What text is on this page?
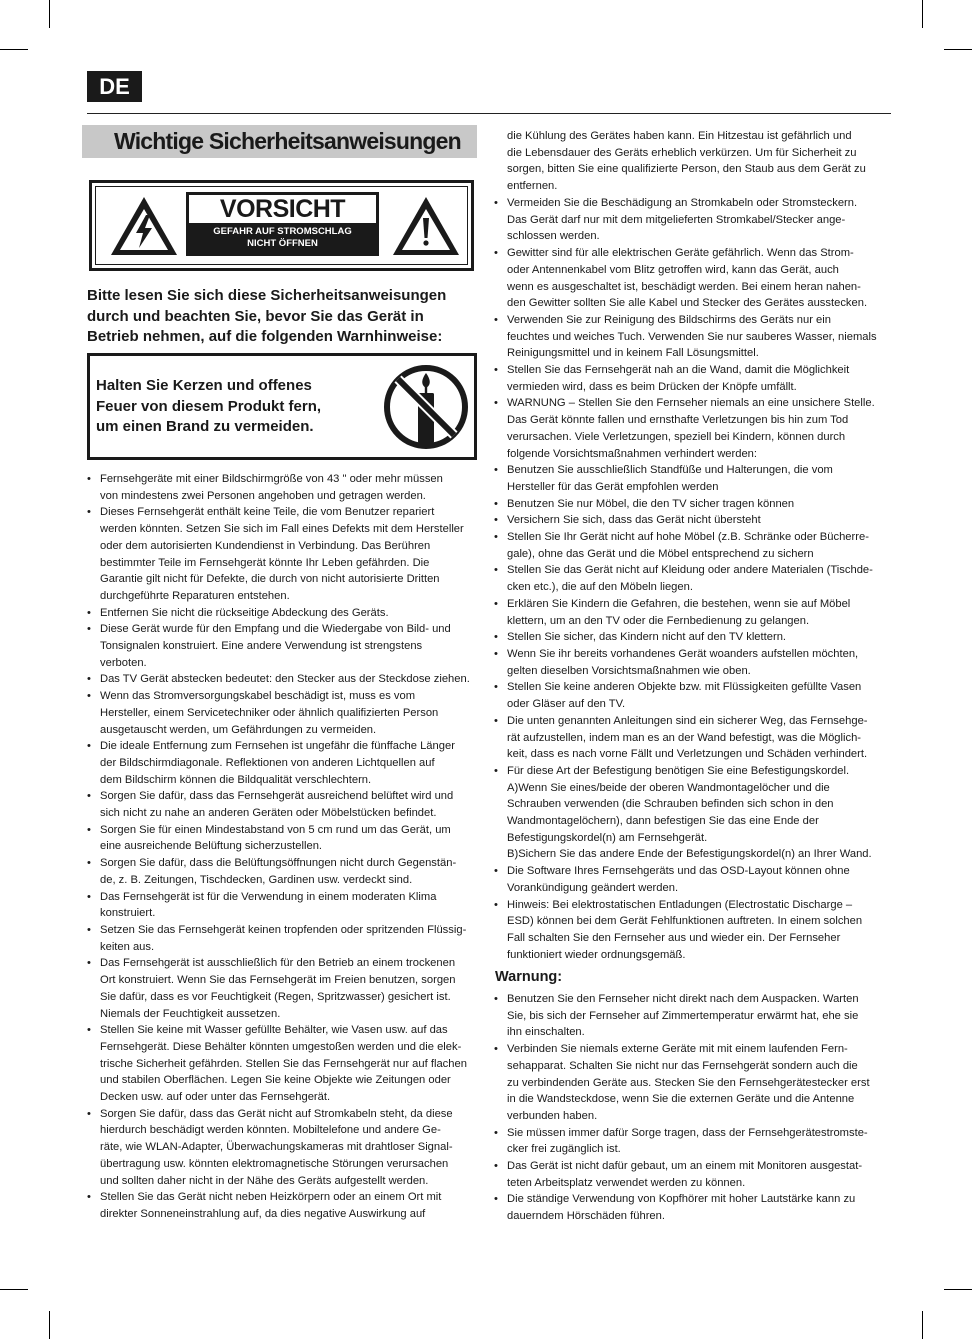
DE
Wichtige Sicherheitsanweisungen
VORSICHT
GEFAHR AUF STROMSCHLAG
NICHT ÖFFNEN

Bitte lesen Sie sich diese Sicherheitsanweisungen

durch und beachten Sie, bevor Sie das Gerät in

Betrieb nehmen, auf die folgenden Warnhinweise:

Halten Sie Kerzen und offenes

Feuer von diesem Produkt fern,

um einen Brand zu vermeiden.

• Fernsehgeräte mit einer Bildschirmgröße von 43 " oder mehr müssen

von mindestens zwei Personen angehoben und getragen werden.

• Dieses Fernsehgerät enthält keine Teile, die vom Benutzer repariert

werden könnten. Setzen Sie sich im Fall eines Defekts mit dem Hersteller

oder dem autorisierten Kundendienst in Verbindung. Das Berühren

bestimmter Teile im Fernsehgerät könnte Ihr Leben gefährden. Die

Garantie gilt nicht für Defekte, die durch von nicht autorisierte Dritten

durchgeführte Reparaturen entstehen.

• Entfernen Sie nicht die rückseitige Abdeckung des Geräts.

• Diese Gerät wurde für den Empfang und die Wiedergabe von Bild- und

Tonsignalen konstruiert. Eine andere Verwendung ist strengstens

verboten.

• Das TV Gerät abstecken bedeutet: den Stecker aus der Steckdose ziehen.

• Wenn das Stromversorgungskabel beschädigt ist, muss es vom

Hersteller, einem Servicetechniker oder ähnlich qualifizierten Person

ausgetauscht werden, um Gefährdungen zu vermeiden.

• Die ideale Entfernung zum Fernsehen ist ungefähr die fünffache Länger

der Bildschirmdiagonale. Reflektionen von anderen Lichtquellen auf

dem Bildschirm können die Bildqualität verschlechtern.

• Sorgen Sie dafür, dass das Fernsehgerät ausreichend belüftet wird und

sich nicht zu nahe an anderen Geräten oder Möbelstücken befindet.

• Sorgen Sie für einen Mindestabstand von 5 cm rund um das Gerät, um

eine ausreichende Belüftung sicherzustellen.

• Sorgen Sie dafür, dass die Belüftungsöffnungen nicht durch Gegenstän-

de, z. B. Zeitungen, Tischdecken, Gardinen usw. verdeckt sind.

• Das Fernsehgerät ist für die Verwendung in einem moderaten Klima

konstruiert.

• Setzen Sie das Fernsehgerät keinen tropfenden oder spritzenden Flüssig-

keiten aus.

• Das Fernsehgerät ist ausschließlich für den Betrieb an einem trockenen

Ort konstruiert. Wenn Sie das Fernsehgerät im Freien benutzen, sorgen

Sie dafür, dass es vor Feuchtigkeit (Regen, Spritzwasser) gesichert ist.

Niemals der Feuchtigkeit aussetzen.

• Stellen Sie keine mit Wasser gefüllte Behälter, wie Vasen usw. auf das

Fernsehgerät. Diese Behälter könnten umgestoßen werden und die elek-

trische Sicherheit gefährden. Stellen Sie das Fernsehgerät nur auf flachen

und stabilen Oberflächen. Legen Sie keine Objekte wie Zeitungen oder

Decken usw. auf oder unter das Fernsehgerät.

• Sorgen Sie dafür, dass das Gerät nicht auf Stromkabeln steht, da diese

hierdurch beschädigt werden könnten. Mobiltelefone und andere Ge-

räte, wie WLAN-Adapter, Überwachungskameras mit drahtloser Signal-

übertragung usw. könnten elektromagnetische Störungen verursachen

und sollten daher nicht in der Nähe des Geräts aufgestellt werden.

• Stellen Sie das Gerät nicht neben Heizkörpern oder an einem Ort mit

direkter Sonneneinstrahlung auf, da dies negative Auswirkung auf

die Kühlung des Gerätes haben kann. Ein Hitzestau ist gefährlich und
die Lebensdauer des Geräts erheblich verkürzen. Um für Sicherheit zu
sorgen, bitten Sie eine qualifizierte Person, den Staub aus dem Gerät zu
entfernen.

• Vermeiden Sie die Beschädigung an Stromkabeln oder Stromsteckern.

Das Gerät darf nur mit dem mitgelieferten Stromkabel/Stecker ange-

schlossen werden.

• Gewitter sind für alle elektrischen Geräte gefährlich. Wenn das Strom-

oder Antennenkabel vom Blitz getroffen wird, kann das Gerät, auch

wenn es ausgeschaltet ist, beschädigt werden. Bei einem heran nahen-

den Gewitter sollten Sie alle Kabel und Stecker des Gerätes ausstecken.

• Verwenden Sie zur Reinigung des Bildschirms des Geräts nur ein

feuchtes und weiches Tuch. Verwenden Sie nur sauberes Wasser, niemals

Reinigungsmittel und in keinem Fall Lösungsmittel.

• Stellen Sie das Fernsehgerät nah an die Wand, damit die Möglichkeit

vermieden wird, dass es beim Drücken der Knöpfe umfällt.

• WARNUNG – Stellen Sie den Fernseher niemals an eine unsichere Stelle.

Das Gerät könnte fallen und ernsthafte Verletzungen bis hin zum Tod

verursachen. Viele Verletzungen, speziell bei Kindern, können durch

folgende Vorsichtsmaßnahmen verhindert werden:

• Benutzen Sie ausschließlich Standfüße und Halterungen, die vom

Hersteller für das Gerät empfohlen werden

• Benutzen Sie nur Möbel, die den TV sicher tragen können

• Versichern Sie sich, dass das Gerät nicht übersteht

• Stellen Sie Ihr Gerät nicht auf hohe Möbel (z.B. Schränke oder Bücherre-

gale), ohne das Gerät und die Möbel entsprechend zu sichern

• Stellen Sie das Gerät nicht auf Kleidung oder andere Materialen (Tischde-

cken etc.), die auf den Möbeln liegen.

• Erklären Sie Kindern die Gefahren, die bestehen, wenn sie auf Möbel

klettern, um an den TV oder die Fernbedienung zu gelangen.

• Stellen Sie sicher, das Kindern nicht auf den TV klettern.

• Wenn Sie ihr bereits vorhandenes Gerät woanders aufstellen möchten,

gelten dieselben Vorsichtsmaßnahmen wie oben.

• Stellen Sie keine anderen Objekte bzw. mit Flüssigkeiten gefüllte Vasen

oder Gläser auf den TV.

• Die unten genannten Anleitungen sind ein sicherer Weg, das Fernsehge-

rät aufzustellen, indem man es an der Wand befestigt, was die Möglich-

keit, dass es nach vorne Fällt und Verletzungen und Schäden verhindert.

• Für diese Art der Befestigung benötigen Sie eine Befestigungskordel.

A)Wenn Sie eines/beide der oberen Wandmontagelöcher und die

Schrauben verwenden (die Schrauben befinden sich schon in den

Wandmontagelöchern), dann befestigen Sie das eine Ende der

Befestigungskordel(n) am Fernsehgerät.

B)Sichern Sie das andere Ende der Befestigungskordel(n) an Ihrer Wand.

• Die Software Ihres Fernsehgeräts und das OSD-Layout können ohne

Vorankündigung geändert werden.

• Hinweis: Bei elektrostatischen Entladungen (Electrostatic Discharge –

ESD) können bei dem Gerät Fehlfunktionen auftreten. In einem solchen

Fall schalten Sie den Fernseher aus und wieder ein. Der Fernseher

funktioniert wieder ordnungsgemäß.

Warnung:

• Benutzen Sie den Fernseher nicht direkt nach dem Auspacken. Warten

Sie, bis sich der Fernseher auf Zimmertemperatur erwärmt hat, ehe sie

ihn einschalten.

• Verbinden Sie niemals externe Geräte mit mit einem laufenden Fern-

sehapparat. Schalten Sie nicht nur das Fernsehgerät sondern auch die

zu verbindenden Geräte aus. Stecken Sie den Fernsehgerätestecker erst

in die Wandsteckdose, wenn Sie die externen Geräte und die Antenne

verbunden haben.

• Sie müssen immer dafür Sorge tragen, dass der Fernsehgerätestromste-

cker frei zugänglich ist.

• Das Gerät ist nicht dafür gebaut, um an einem mit Monitoren ausgestat-

teten Arbeitsplatz verwendet werden zu können.

• Die ständige Verwendung von Kopfhörer mit hoher Lautstärke kann zu

dauerndem Hörschäden führen.
